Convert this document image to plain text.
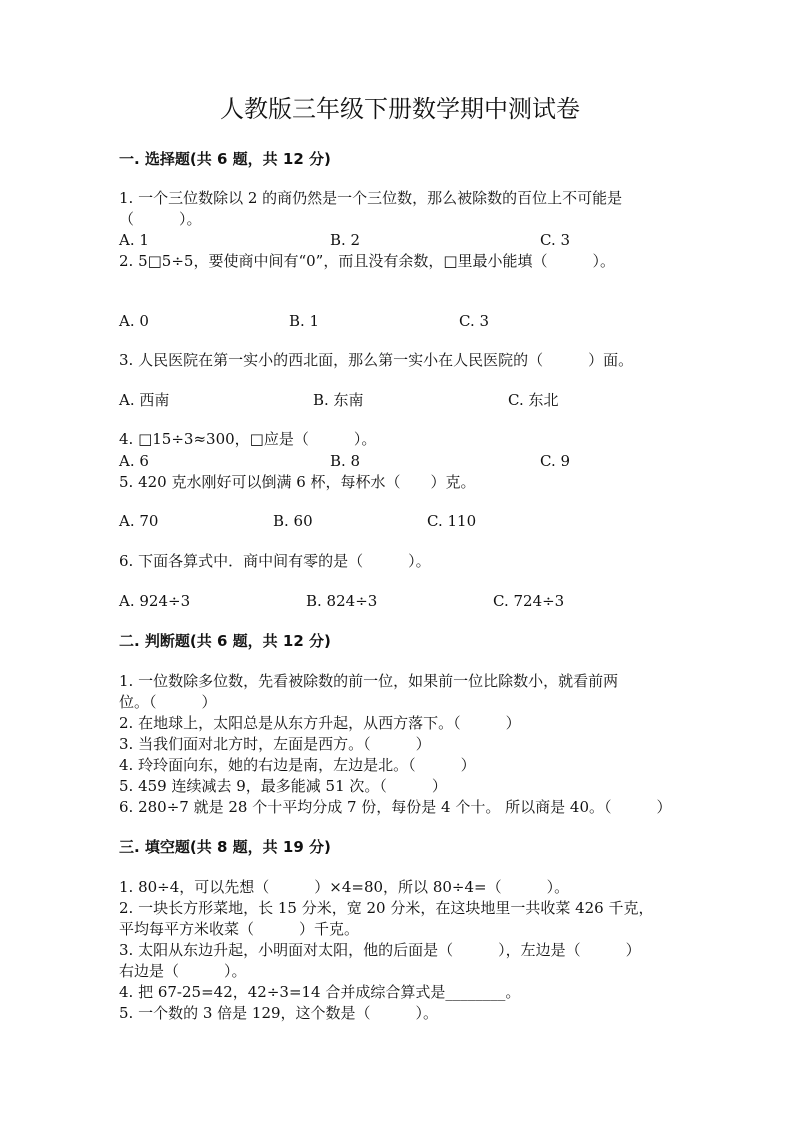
人教版三年级下册数学期中测试卷
一. 选择题(共 6 题，共 12 分)
1. 一个三位数除以 2 的商仍然是一个三位数，那么被除数的百位上不可能是
（　　　）。
A. 1	B. 2	C. 3
2. 5□5÷5，要使商中间有“0”，而且没有余数，□里最小能填（　　　）。
A. 0	B. 1	C. 3
3. 人民医院在第一实小的西北面，那么第一实小在人民医院的（　　　）面。
A. 西南	B. 东南	C. 东北
4. □15÷3≈300，□应是（　　　）。
A. 6	B. 8	C. 9
5. 420 克水刚好可以倒满 6 杯，每杯水（　　）克。
A. 70	B. 60	C. 110
6. 下面各算式中．商中间有零的是（　　　）。
A. 924÷3	B. 824÷3	C. 724÷3
二. 判断题(共 6 题，共 12 分)
1. 一位数除多位数，先看被除数的前一位，如果前一位比除数小，就看前两
位。（　　　）
2. 在地球上，太阳总是从东方升起，从西方落下。（　　　）
3. 当我们面对北方时，左面是西方。（　　　）
4. 玲玲面向东，她的右边是南，左边是北。（　　　）
5. 459 连续减去 9，最多能减 51 次。（　　　）
6. 280÷7 就是 28 个十平均分成 7 份，每份是 4 个十。 所以商是 40。（　　　）
三. 填空题(共 8 题，共 19 分)
1. 80÷4，可以先想（　　　）×4=80，所以 80÷4=（　　　）。
2. 一块长方形菜地，长 15 分米，宽 20 分米，在这块地里一共收菜 426 千克，
平均每平方米收菜（　　　）千克。
3. 太阳从东边升起，小明面对太阳，他的后面是（　　　），左边是（　　　）
右边是（　　　）。
4. 把 67-25=42，42÷3=14 合并成综合算式是________。
5. 一个数的 3 倍是 129，这个数是（　　　）。
